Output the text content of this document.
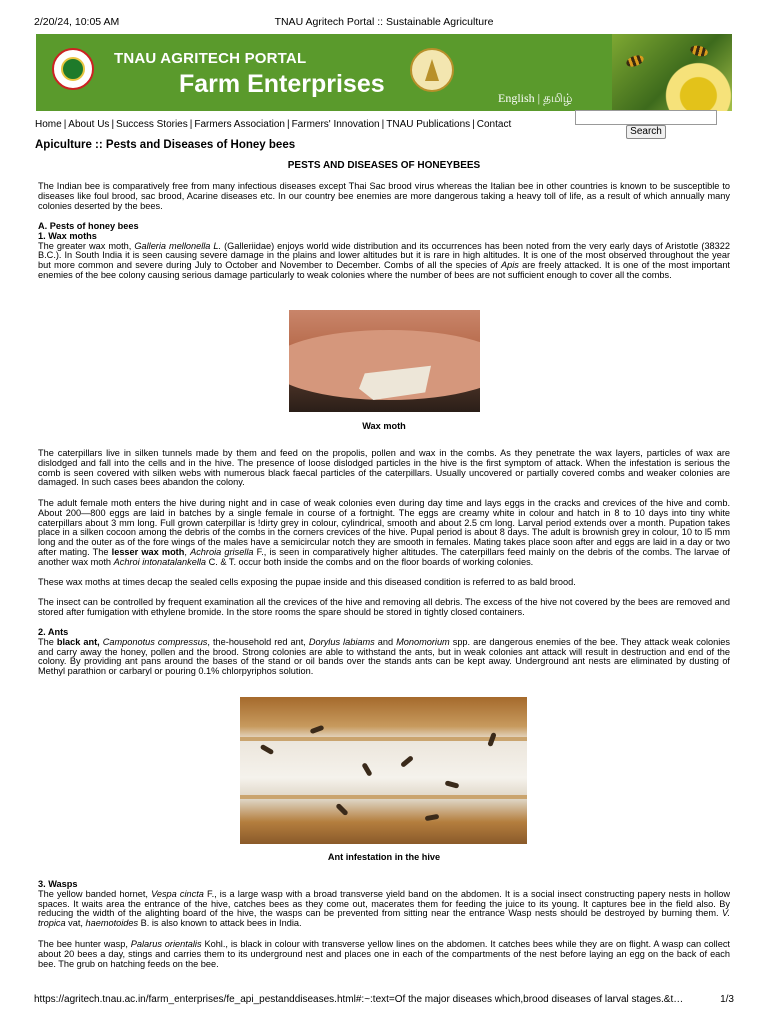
2/20/24, 10:05 AM	TNAU Agritech Portal :: Sustainable Agriculture
TNAU AGRITECH PORTAL
Farm Enterprises	English | தமிழ்
Home | About Us | Success Stories | Farmers Association | Farmers' Innovation | TNAU Publications | Contact
Search
Apiculture :: Pests and Diseases of Honey bees
PESTS AND DISEASES OF HONEYBEES
The Indian bee is comparatively free from many infectious diseases except Thai Sac brood virus whereas the Italian bee in other countries is known to be susceptible to diseases like foul brood, sac brood, Acarine diseases etc. In our country bee enemies are more dangerous taking a heavy toll of life, as a result of which annually many colonies deserted by the bees.
A. Pests of honey bees
1. Wax moths
The greater wax moth, Galleria mellonella L. (Galleriidae) enjoys world wide distribution and its occurrences has been noted from the very early days of Aristotle (38322 B.C.). In South India it is seen causing severe damage in the plains and lower altitudes but it is rare in high altitudes. It is one of the most observed throughout the year but more common and severe during July to October and November to December. Combs of all the species of Apis are freely attacked. It is one of the most important enemies of the bee colony causing serious damage particularly to weak colonies where the number of bees are not sufficient enough to cover all the combs.
Wax moth
The caterpillars live in silken tunnels made by them and feed on the propolis, pollen and wax in the combs. As they penetrate the wax layers, particles of wax are dislodged and fall into the cells and in the hive. The presence of loose dislodged particles in the hive is the first symptom of attack. When the infestation is serious the comb is seen covered with silken webs with numerous black faecal particles of the caterpillars. Usually uncovered or partially covered combs and weaker colonies are damaged. In such cases bees abandon the colony.
The adult female moth enters the hive during night and in case of weak colonies even during day time and lays eggs in the cracks and crevices of the hive and comb. About 200—800 eggs are laid in batches by a single female in course of a fortnight. The eggs are creamy white in colour and hatch in 8 to 10 days into tiny white caterpillars about 3 mm long. Full grown caterpillar is !dirty grey in colour, cylindrical, smooth and about 2.5 cm long. Larval period extends over a month. Pupation takes place in a silken cocoon among the debris of the combs in the corners crevices of the hive. Pupal period is about 8 days. The adult is brownish grey in colour, 10 to l5 mm long and the outer as of the fore wings of the males have a semicircular notch they are smooth in females. Mating takes place soon after and eggs are laid in a day or two after mating. The lesser wax moth, Achroia grisella F., is seen in comparatively higher altitudes. The caterpillars feed mainly on the debris of the combs. The larvae of another wax moth Achroi intonatalankella C. & T. occur both inside the combs and on the floor boards of working colonies.
These wax moths at times decap the sealed cells exposing the pupae inside and this diseased condition is referred to as bald brood.
The insect can be controlled by frequent examination all the crevices of the hive and removing all debris. The excess of the hive not covered by the bees are removed and stored after fumigation with ethylene bromide. In the store rooms the spare should be stored in tightly closed containers.
2. Ants
The black ant, Camponotus compressus, the-household red ant, Dorylus labiams and Monomorium spp. are dangerous enemies of the bee. They attack weak colonies and carry away the honey, pollen and the brood. Strong colonies are able to withstand the ants, but in weak colonies ant attack will result in destruction and end of the colony. By providing ant pans around the bases of the stand or oil bands over the stands ants can be kept away. Underground ant nests are eliminated by dusting of Methyl parathion or carbaryl or pouring 0.1% chlorpyriphos solution.
Ant infestation in the hive
3. Wasps
The yellow banded hornet, Vespa cincta F., is a large wasp with a broad transverse yield band on the abdomen. It is a social insect constructing papery nests in hollow spaces. It waits area the entrance of the hive, catches bees as they come out, macerates them for feeding the juice to its young. It captures bee in the field also. By reducing the width of the alighting board of the hive, the wasps can be prevented from sitting near the entrance Wasp nests should be destroyed by burning them. V. tropica vat, haemotoides B. is also known to attack bees in India.
The bee hunter wasp, Palarus orientalis Kohl., is black in colour with transverse yellow lines on the abdomen. It catches bees while they are on flight. A wasp can collect about 20 bees a day, stings and carries them to its underground nest and places one in each of the compartments of the nest before laying an egg on the back of each bee. The grub on hatching feeds on the bee.
https://agritech.tnau.ac.in/farm_enterprises/fe_api_pestanddiseases.html#:~:text=Of the major diseases which,brood diseases of larval stages.&t…	1/3
